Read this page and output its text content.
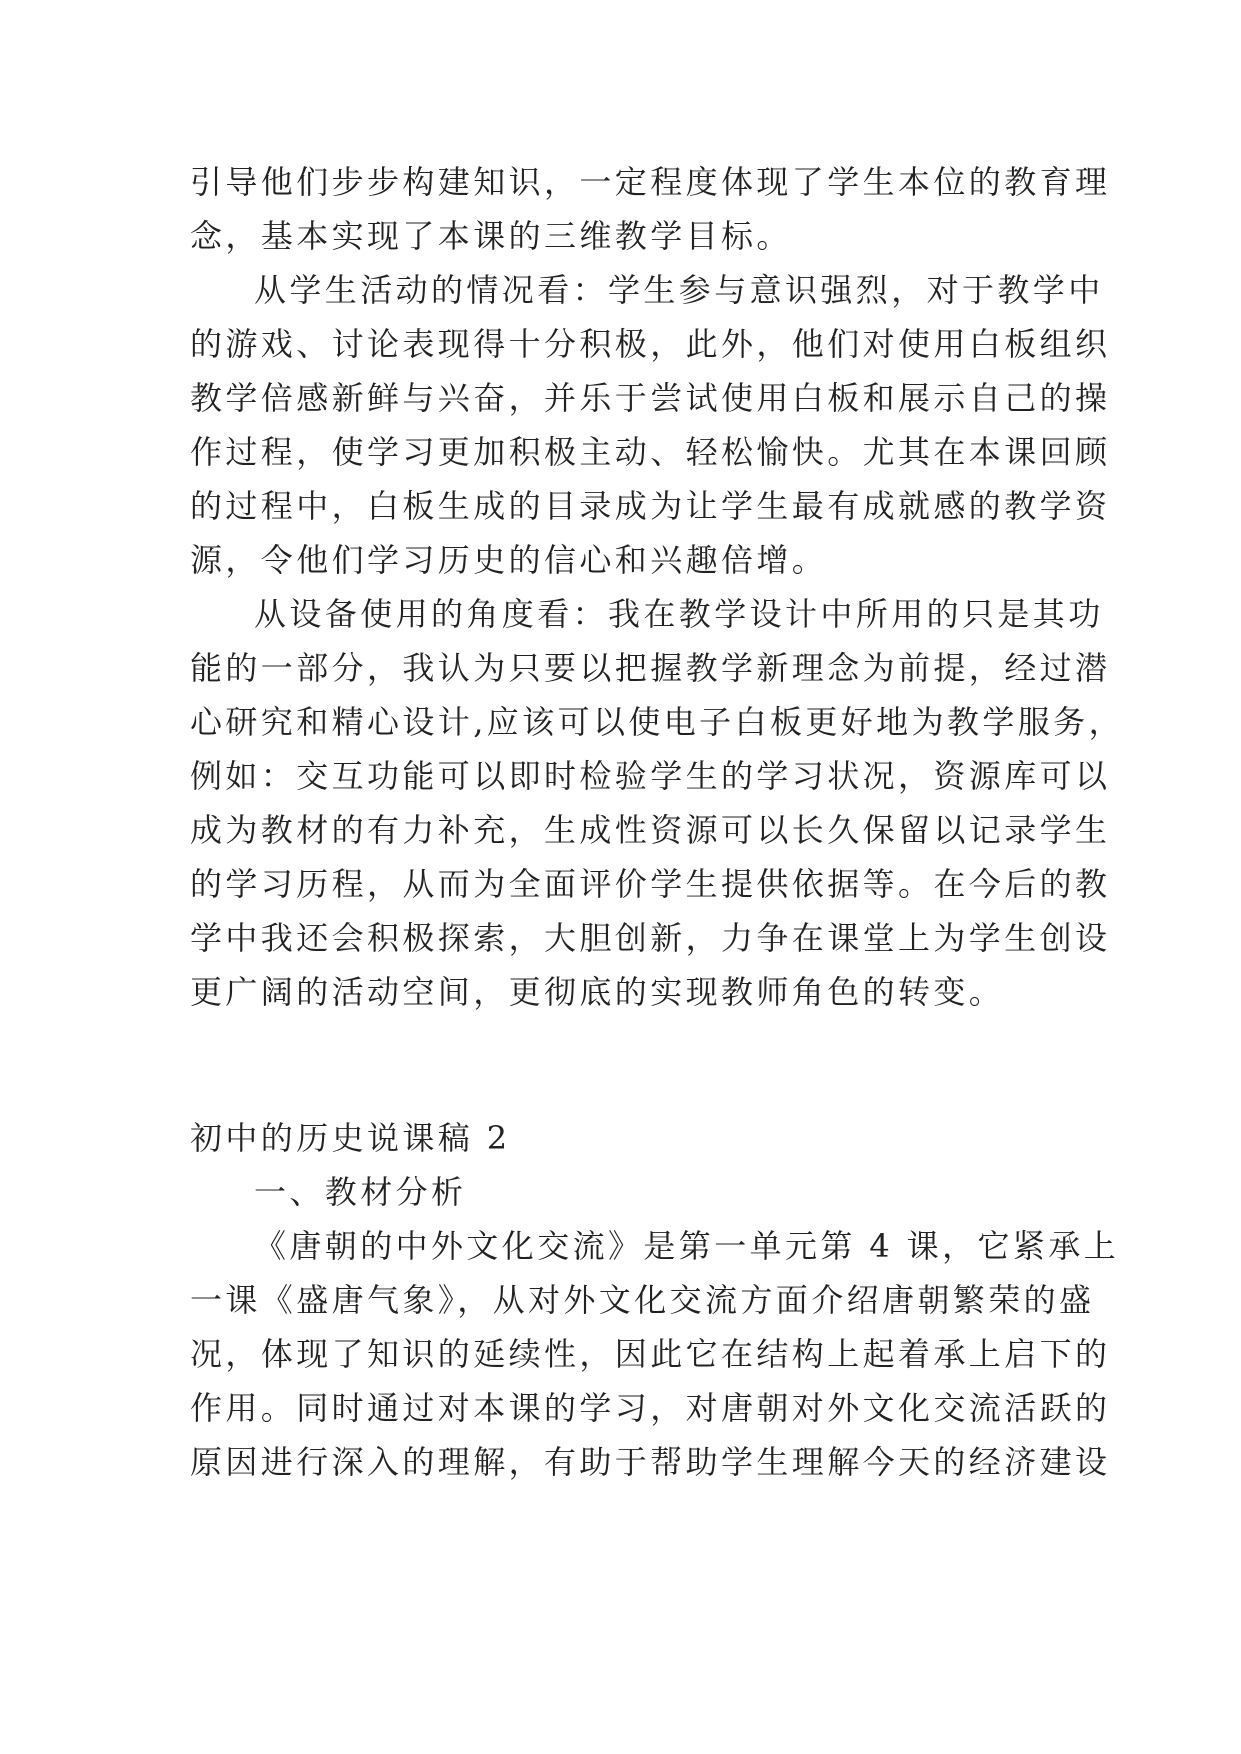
引导他们步步构建知识，一定程度体现了学生本位的教育理
念，基本实现了本课的三维教学目标。
从学生活动的情况看：学生参与意识强烈，对于教学中
的游戏、讨论表现得十分积极，此外，他们对使用白板组织
教学倍感新鲜与兴奋，并乐于尝试使用白板和展示自己的操
作过程，使学习更加积极主动、轻松愉快。尤其在本课回顾
的过程中，白板生成的目录成为让学生最有成就感的教学资
源，令他们学习历史的信心和兴趣倍增。
从设备使用的角度看：我在教学设计中所用的只是其功
能的一部分，我认为只要以把握教学新理念为前提，经过潜
心研究和精心设计,应该可以使电子白板更好地为教学服务，
例如：交互功能可以即时检验学生的学习状况，资源库可以
成为教材的有力补充，生成性资源可以长久保留以记录学生
的学习历程，从而为全面评价学生提供依据等。在今后的教
学中我还会积极探索，大胆创新，力争在课堂上为学生创设
更广阔的活动空间，更彻底的实现教师角色的转变。
初中的历史说课稿 2
一、教材分析
《唐朝的中外文化交流》是第一单元第 4 课，它紧承上
一课《盛唐气象》，从对外文化交流方面介绍唐朝繁荣的盛
况，体现了知识的延续性，因此它在结构上起着承上启下的
作用。同时通过对本课的学习，对唐朝对外文化交流活跃的
原因进行深入的理解，有助于帮助学生理解今天的经济建设
